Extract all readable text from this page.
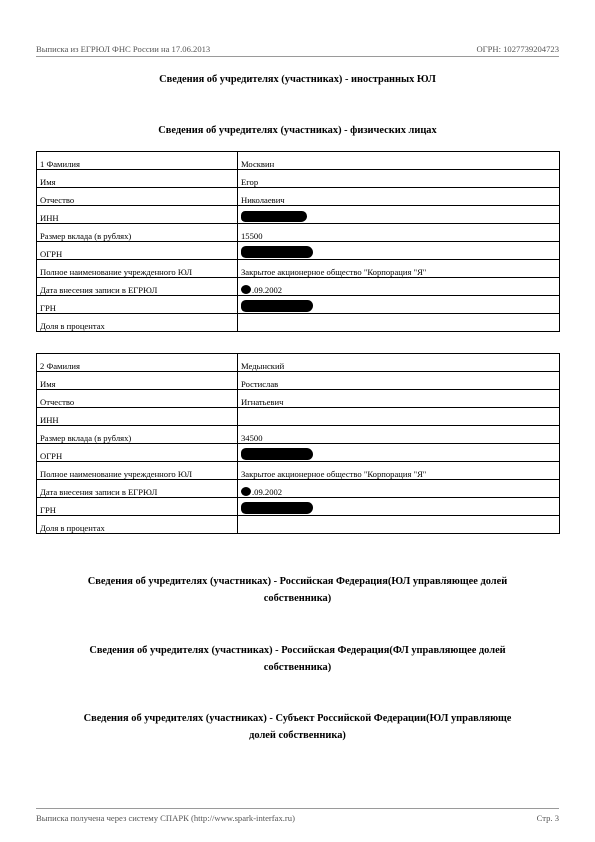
Выписка из ЕГРЮЛ ФНС России на 17.06.2013	ОГРН: 1027739204723
Сведения об учредителях (участниках) - иностранных ЮЛ
Сведения об учредителях (участниках) - физических лицах
1 Фамилия	Москвин
Имя	Егор
Отчество	Николаевич
ИНН	
Размер вклада (в рублях)	15500
ОГРН	
Полное наименование учрежденного ЮЛ	Закрытое акционерное общество "Корпорация "Я"
Дата внесения записи в ЕГРЮЛ	.09.2002
ГРН	
Доля в процентах	
2 Фамилия	Медынский
Имя	Ростислав
Отчество	Игнатьевич
ИНН	
Размер вклада (в рублях)	34500
ОГРН	
Полное наименование учрежденного ЮЛ	Закрытое акционерное общество "Корпорация "Я"
Дата внесения записи в ЕГРЮЛ	.09.2002
ГРН	
Доля в процентах	
Сведения об учредителях (участниках) - Российская Федерация(ЮЛ управляющее долей
собственника)
Сведения об учредителях (участниках) - Российская Федерация(ФЛ управляющее долей
собственника)
Сведения об учредителях (участниках) - Субъект Российской Федерации(ЮЛ управляюще
долей собственника)
Выписка получена через систему СПАРК (http://www.spark-interfax.ru)	Стр. 3
